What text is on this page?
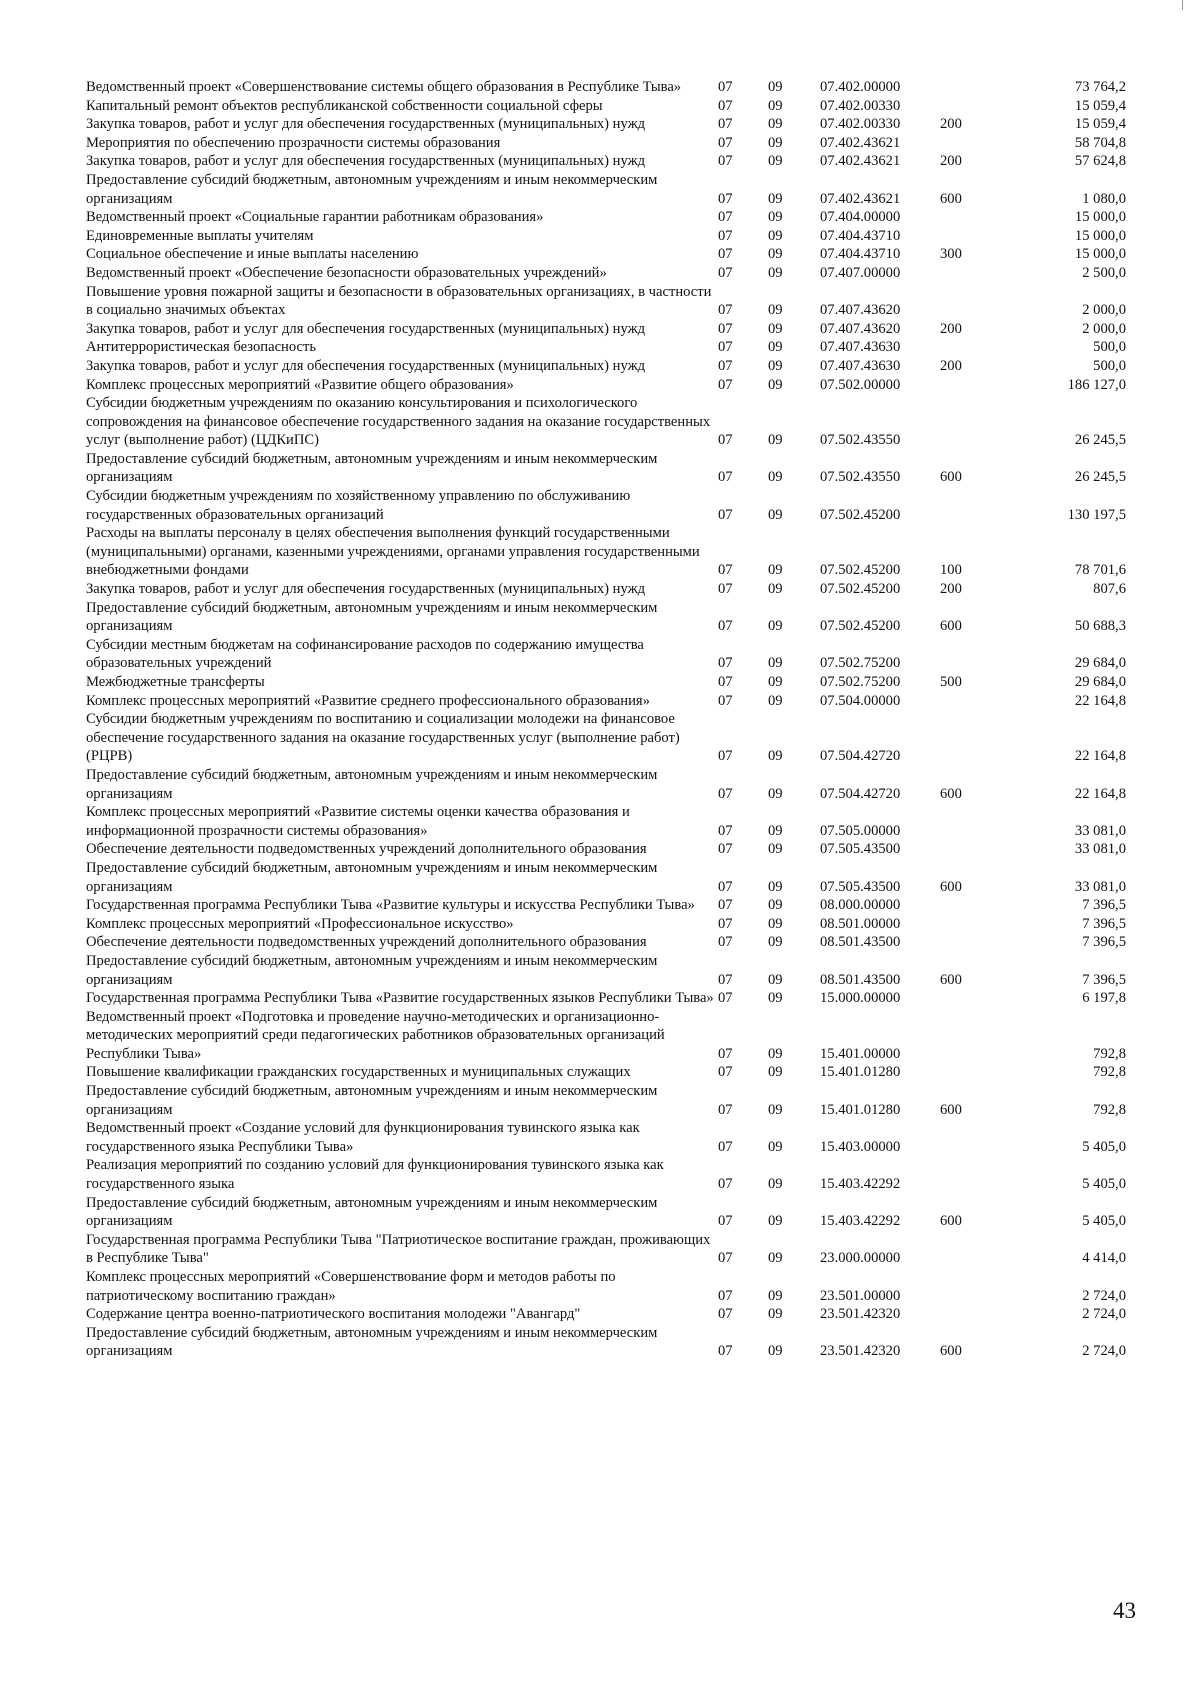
Ведомственный проект «Совершенствование системы общего образования в Республике Тыва»	07	09	07.402.00000		73 764,2
Капитальный ремонт объектов республиканской собственности социальной сферы	07	09	07.402.00330		15 059,4
Закупка товаров, работ и услуг для обеспечения государственных (муниципальных) нужд	07	09	07.402.00330	200	15 059,4
Мероприятия по обеспечению прозрачности системы образования	07	09	07.402.43621		58 704,8
Закупка товаров, работ и услуг для обеспечения государственных (муниципальных) нужд	07	09	07.402.43621	200	57 624,8
Предоставление субсидий бюджетным, автономным учреждениям и иным некоммерческим организациям	07	09	07.402.43621	600	1 080,0
Ведомственный проект «Социальные гарантии работникам образования»	07	09	07.404.00000		15 000,0
Единовременные выплаты учителям	07	09	07.404.43710		15 000,0
Социальное обеспечение и иные выплаты населению	07	09	07.404.43710	300	15 000,0
Ведомственный проект «Обеспечение безопасности образовательных учреждений»	07	09	07.407.00000		2 500,0
Повышение уровня пожарной защиты и безопасности в образовательных организациях, в частности в социально значимых объектах	07	09	07.407.43620		2 000,0
Закупка товаров, работ и услуг для обеспечения государственных (муниципальных) нужд	07	09	07.407.43620	200	2 000,0
Антитеррористическая безопасность	07	09	07.407.43630		500,0
Закупка товаров, работ и услуг для обеспечения государственных (муниципальных) нужд	07	09	07.407.43630	200	500,0
Комплекс процессных мероприятий «Развитие общего образования»	07	09	07.502.00000		186 127,0
Субсидии бюджетным учреждениям по оказанию консультирования и психологического сопровождения на финансовое обеспечение государственного задания на оказание государственных услуг (выполнение работ) (ЦДКиПС)	07	09	07.502.43550		26 245,5
Предоставление субсидий бюджетным, автономным учреждениям и иным некоммерческим организациям	07	09	07.502.43550	600	26 245,5
Субсидии бюджетным учреждениям по хозяйственному управлению по обслуживанию государственных образовательных организаций	07	09	07.502.45200		130 197,5
Расходы на выплаты персоналу в целях обеспечения выполнения функций государственными (муниципальными) органами, казенными учреждениями, органами управления государственными внебюджетными фондами	07	09	07.502.45200	100	78 701,6
Закупка товаров, работ и услуг для обеспечения государственных (муниципальных) нужд	07	09	07.502.45200	200	807,6
Предоставление субсидий бюджетным, автономным учреждениям и иным некоммерческим организациям	07	09	07.502.45200	600	50 688,3
Субсидии местным бюджетам на софинансирование расходов по содержанию имущества образовательных учреждений	07	09	07.502.75200		29 684,0
Межбюджетные трансферты	07	09	07.502.75200	500	29 684,0
Комплекс процессных мероприятий «Развитие среднего профессионального образования»	07	09	07.504.00000		22 164,8
Субсидии бюджетным учреждениям по воспитанию и социализации молодежи на финансовое обеспечение государственного задания на оказание государственных услуг (выполнение работ) (РЦРВ)	07	09	07.504.42720		22 164,8
Предоставление субсидий бюджетным, автономным учреждениям и иным некоммерческим организациям	07	09	07.504.42720	600	22 164,8
Комплекс процессных мероприятий «Развитие системы оценки качества образования и информационной прозрачности системы образования»	07	09	07.505.00000		33 081,0
Обеспечение деятельности подведомственных учреждений дополнительного образования	07	09	07.505.43500		33 081,0
Предоставление субсидий бюджетным, автономным учреждениям и иным некоммерческим организациям	07	09	07.505.43500	600	33 081,0
Государственная программа Республики Тыва «Развитие культуры и искусства Республики Тыва»	07	09	08.000.00000		7 396,5
Комплекс процессных мероприятий «Профессиональное искусство»	07	09	08.501.00000		7 396,5
Обеспечение деятельности подведомственных учреждений дополнительного образования	07	09	08.501.43500		7 396,5
Предоставление субсидий бюджетным, автономным учреждениям и иным некоммерческим организациям	07	09	08.501.43500	600	7 396,5
Государственная программа Республики Тыва «Развитие государственных языков Республики Тыва»	07	09	15.000.00000		6 197,8
Ведомственный проект «Подготовка и проведение научно-методических и организационно-методических мероприятий среди педагогических работников образовательных организаций Республики Тыва»	07	09	15.401.00000		792,8
Повышение квалификации гражданских государственных и муниципальных служащих	07	09	15.401.01280		792,8
Предоставление субсидий бюджетным, автономным учреждениям и иным некоммерческим организациям	07	09	15.401.01280	600	792,8
Ведомственный проект «Создание условий для функционирования тувинского языка как государственного языка Республики Тыва»	07	09	15.403.00000		5 405,0
Реализация мероприятий по созданию условий для функционирования тувинского языка как государственного языка	07	09	15.403.42292		5 405,0
Предоставление субсидий бюджетным, автономным учреждениям и иным некоммерческим организациям	07	09	15.403.42292	600	5 405,0
Государственная программа Республики Тыва "Патриотическое воспитание граждан, проживающих в Республике Тыва"	07	09	23.000.00000		4 414,0
Комплекс процессных мероприятий «Совершенствование форм и методов работы по патриотическому воспитанию граждан»	07	09	23.501.00000		2 724,0
Содержание центра военно-патриотического воспитания молодежи "Авангард"	07	09	23.501.42320		2 724,0
Предоставление субсидий бюджетным, автономным учреждениям и иным некоммерческим организациям	07	09	23.501.42320	600	2 724,0
43
